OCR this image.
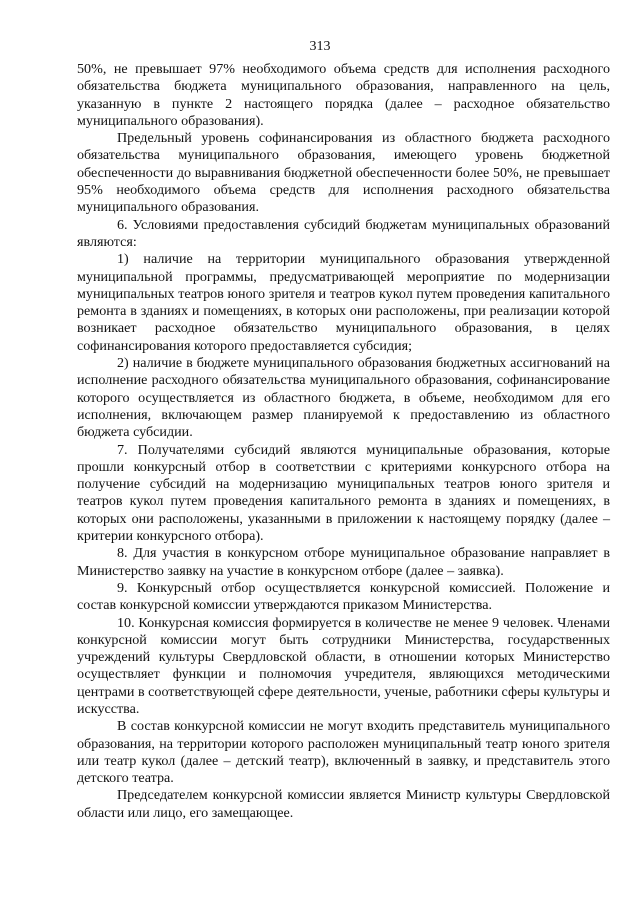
313

50%, не превышает 97% необходимого объема средств для исполнения расходного обязательства бюджета муниципального образования, направленного на цель, указанную в пункте 2 настоящего порядка (далее – расходное обязательство муниципального образования).

Предельный уровень софинансирования из областного бюджета расходного обязательства муниципального образования, имеющего уровень бюджетной обеспеченности до выравнивания бюджетной обеспеченности более 50%, не превышает 95% необходимого объема средств для исполнения расходного обязательства муниципального образования.

6. Условиями предоставления субсидий бюджетам муниципальных образований являются:

1) наличие на территории муниципального образования утвержденной муниципальной программы, предусматривающей мероприятие по модернизации муниципальных театров юного зрителя и театров кукол путем проведения капитального ремонта в зданиях и помещениях, в которых они расположены, при реализации которой возникает расходное обязательство муниципального образования, в целях софинансирования которого предоставляется субсидия;

2) наличие в бюджете муниципального образования бюджетных ассигнований на исполнение расходного обязательства муниципального образования, софинансирование которого осуществляется из областного бюджета, в объеме, необходимом для его исполнения, включающем размер планируемой к предоставлению из областного бюджета субсидии.

7. Получателями субсидий являются муниципальные образования, которые прошли конкурсный отбор в соответствии с критериями конкурсного отбора на получение субсидий на модернизацию муниципальных театров юного зрителя и театров кукол путем проведения капитального ремонта в зданиях и помещениях, в которых они расположены, указанными в приложении к настоящему порядку (далее – критерии конкурсного отбора).

8. Для участия в конкурсном отборе муниципальное образование направляет в Министерство заявку на участие в конкурсном отборе (далее – заявка).

9. Конкурсный отбор осуществляется конкурсной комиссией. Положение и состав конкурсной комиссии утверждаются приказом Министерства.

10. Конкурсная комиссия формируется в количестве не менее 9 человек. Членами конкурсной комиссии могут быть сотрудники Министерства, государственных учреждений культуры Свердловской области, в отношении которых Министерство осуществляет функции и полномочия учредителя, являющихся методическими центрами в соответствующей сфере деятельности, ученые, работники сферы культуры и искусства.

В состав конкурсной комиссии не могут входить представитель муниципального образования, на территории которого расположен муниципальный театр юного зрителя или театр кукол (далее – детский театр), включенный в заявку, и представитель этого детского театра.

Председателем конкурсной комиссии является Министр культуры Свердловской области или лицо, его замещающее.
